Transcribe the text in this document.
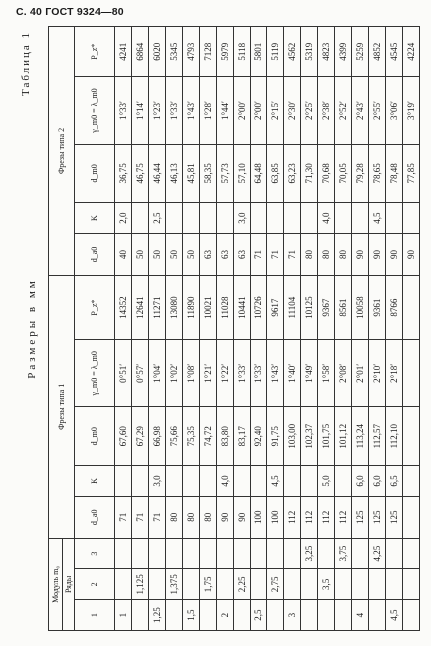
С. 40 ГОСТ 9324—80
Таблица 1
Размеры в мм
Модуль m₀			Фрезы типа 1					Фрезы типа 2				
Ряды												
1	2	3	d_a0	K	d_m0	γ_m0 = λ_m0	P_z*	d_a0	K	d_m0	γ_m0 = λ_m0	P_z*
1			71		67,60	0°51′	14352	40	2,0	36,75	1°33′	4241
	1,125		71		67,29	0°57′	12641	50		46,75	1°14′	6864
1,25			71	3,0	66,98	1°04′	11271	50	2,5	46,44	1°23′	6020
	1,375		80		75,66	1°02′	13080	50		46,13	1°33′	5345
1,5			80		75,35	1°08′	11890	50		45,81	1°43′	4793
	1,75		80		74,72	1°21′	10021	63		58,35	1°28′	7128
2			90	4,0	83,80	1°22′	11028	63		57,73	1°44′	5979
	2,25		90		83,17	1°33′	10441	63	3,0	57,10	2°00′	5118
2,5			100		92,40	1°33′	10726	71		64,48	2°00′	5801
	2,75		100	4,5	91,75	1°43′	9617	71		63,85	2°15′	5119
3			112		103,00	1°40′	11104	71		63,23	2°30′	4562
		3,25	112		102,37	1°49′	10125	80		71,30	2°25′	5319
	3,5		112	5,0	101,75	1°58′	9367	80	4,0	70,68	2°38′	4823
		3,75	112		101,12	2°08′	8561	80		70,05	2°52′	4399
4			125	6,0	113,24	2°01′	10058	90		79,28	2°43′	5259
		4,25	125	6,0	112,57	2°10′	9361	90	4,5	78,65	2°55′	4852
4,5			125	6,5	112,10	2°18′	8766	90		78,48	3°06′	4545
								90		77,85	3°19′	4224
